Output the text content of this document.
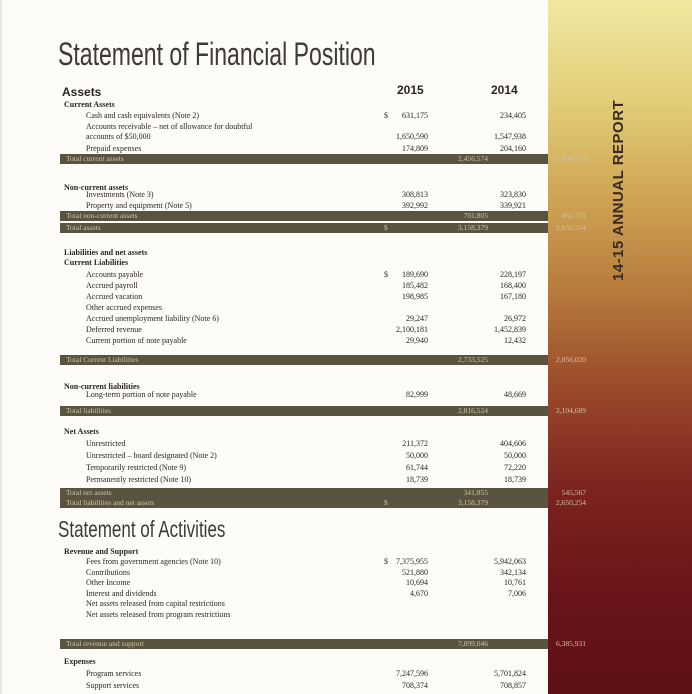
14-15 ANNUAL REPORT
Statement of Financial Position
Assets	2015	2014
Current Assets
Cash and cash equivalents (Note 2)	$ 631,175	234,405
Accounts receivable – net of allowance for doubtful
accounts of $50,000	1,650,590	1,547,938
Prepaid expenses	174,809	204,160
Total current assets	2,456,574	1,986,503
Non-current assets
Investments (Note 3)	308,813	323,830
Property and equipment (Note 5)	392,992	339,921
Total non-current assets	701,805	663,751
Total assets	$	3,158,379	2,650,254
Liabilities and net assets
Current Liabilities
Accounts payable	$ 189,690	228,197
Accrued payroll	185,482	168,400
Accrued vacation	198,985	167,180
Other accrued expenses
Accrued unemployment liability (Note 6)	29,247	26,972
Deferred revenue	2,100,181	1,452,839
Current portion of note payable	29,940	12,432
Total Current Liabilities	2,733,525	2,056,020
Non-current liabilities
Long-term portion of note payable	82,999	48,669
Total liabilities	2,816,524	2,104,689
Net Assets
Unrestricted	211,372	404,606
Unrestricted – board designated (Note 2)	50,000	50,000
Temporarily restricted (Note 9)	61,744	72,220
Permanently restricted (Note 10)	18,739	18,739
Total net assets	341,855	545,567
Total liabilities and net assets	$	3,158,379	2,650,254
Revenue and Support
Fees from government agencies (Note 10)	$ 7,375,955	5,942,063
Contributions	521,880	342,134
Other Income	10,694	10,761
Interest and dividends	4,670	7,006
Net assets released from capital restrictions
Net assets released from program restrictions
Total revenue and support	7,899,046	6,385,931
Expenses
Program services	7,247,596	5,701,824
Support services	708,374	708,857
Statement of Activities
